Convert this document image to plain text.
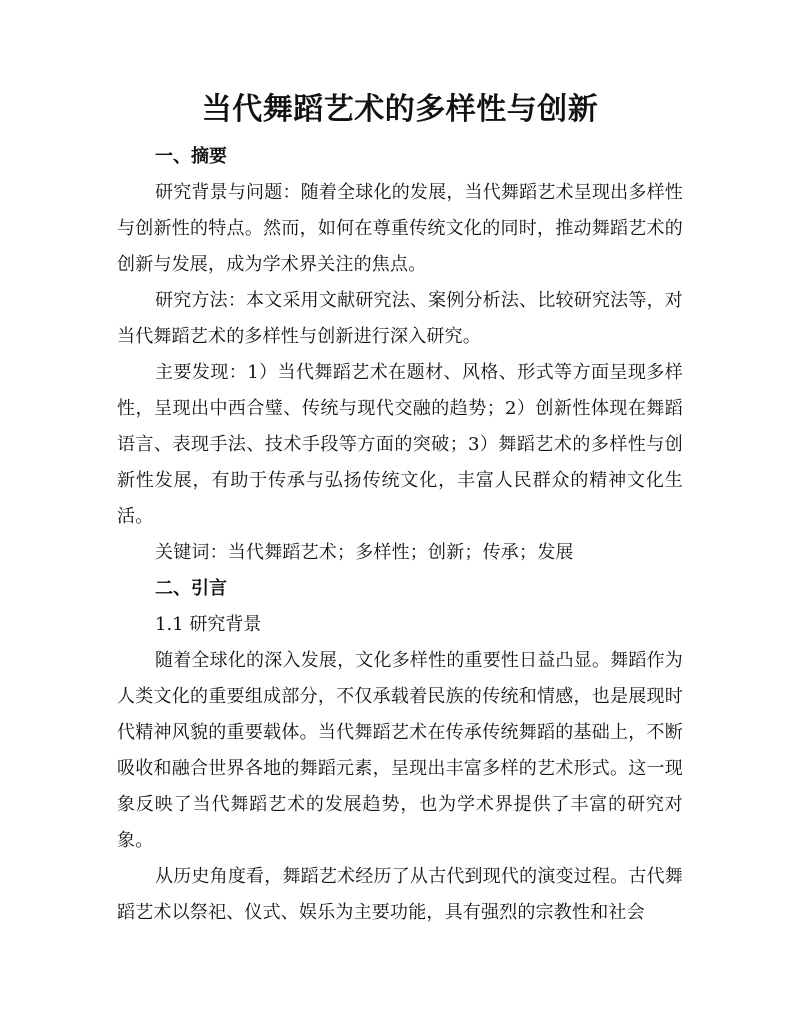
当代舞蹈艺术的多样性与创新

一、摘要

研究背景与问题：随着全球化的发展，当代舞蹈艺术呈现出多样性与创新性的特点。然而，如何在尊重传统文化的同时，推动舞蹈艺术的创新与发展，成为学术界关注的焦点。

研究方法：本文采用文献研究法、案例分析法、比较研究法等，对当代舞蹈艺术的多样性与创新进行深入研究。

主要发现：1）当代舞蹈艺术在题材、风格、形式等方面呈现多样性，呈现出中西合璧、传统与现代交融的趋势；2）创新性体现在舞蹈语言、表现手法、技术手段等方面的突破；3）舞蹈艺术的多样性与创新性发展，有助于传承与弘扬传统文化，丰富人民群众的精神文化生活。

关键词：当代舞蹈艺术；多样性；创新；传承；发展

二、引言

1.1 研究背景

随着全球化的深入发展，文化多样性的重要性日益凸显。舞蹈作为人类文化的重要组成部分，不仅承载着民族的传统和情感，也是展现时代精神风貌的重要载体。当代舞蹈艺术在传承传统舞蹈的基础上，不断吸收和融合世界各地的舞蹈元素，呈现出丰富多样的艺术形式。这一现象反映了当代舞蹈艺术的发展趋势，也为学术界提供了丰富的研究对象。

从历史角度看，舞蹈艺术经历了从古代到现代的演变过程。古代舞蹈艺术以祭祀、仪式、娱乐为主要功能，具有强烈的宗教性和社会
